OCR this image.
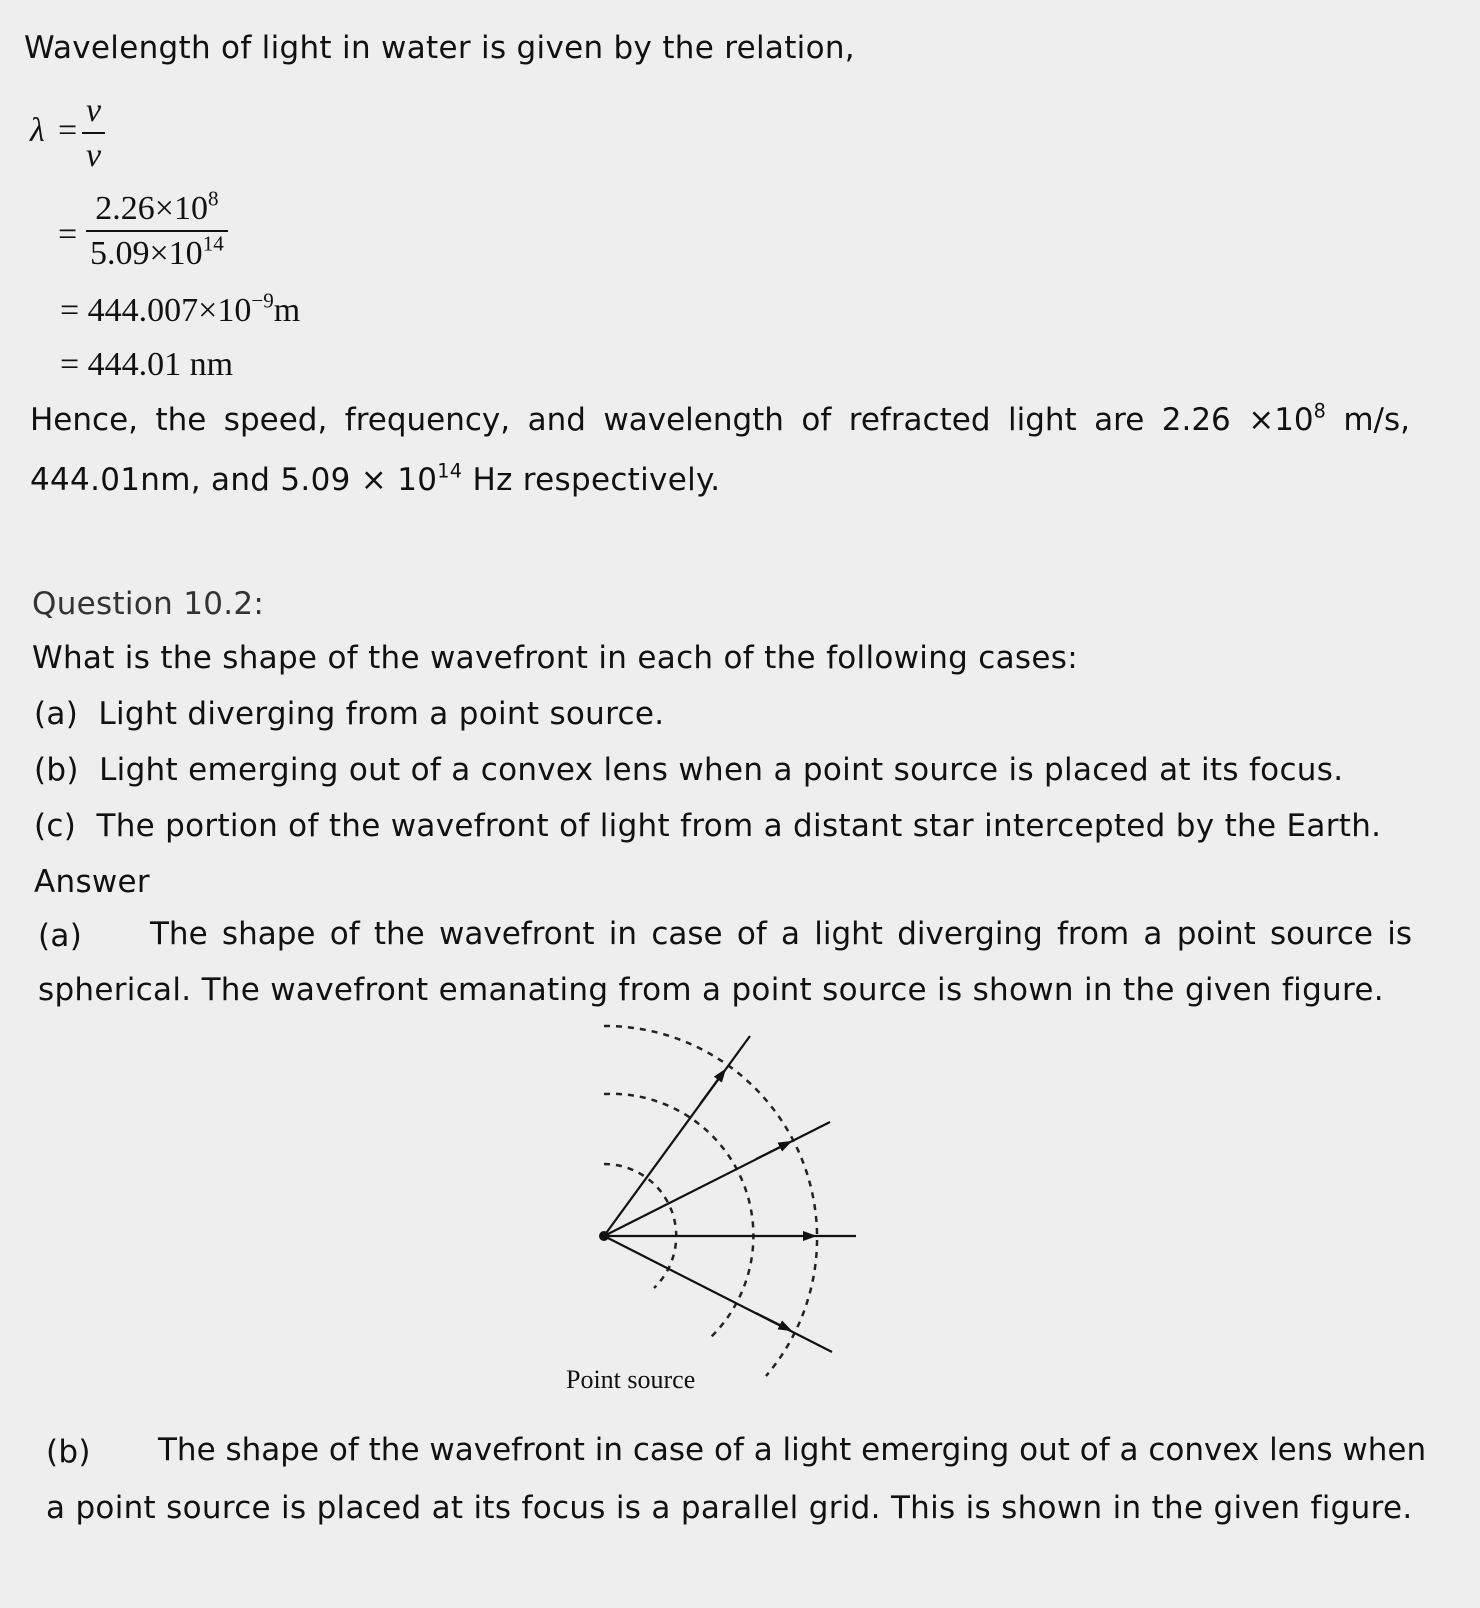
Wavelength of light in water is given by the relation,
λ =
v
ν
=
$2.26\times 10^8$
$5.09\times 10^{14}$
= $444.007\times 10^{-9}m$
= 444.01 nm
Hence, the speed, frequency, and wavelength of refracted light are $2.26 \times 10^8$ m/s,
444.01nm, and $5.09 \times 10^{14}$ Hz respectively.
Question 10.2:
What is the shape of the wavefront in each of the following cases:
(a) Light diverging from a point source.
(b) Light emerging out of a convex lens when a point source is placed at its focus.
(c) The portion of the wavefront of light from a distant star intercepted by the Earth.
Answer
(a) The shape of the wavefront in case of a light diverging from a point source is
spherical. The wavefront emanating from a point source is shown in the given figure.
Point source
(b) The shape of the wavefront in case of a light emerging out of a convex lens when
a point source is placed at its focus is a parallel grid. This is shown in the given figure.
